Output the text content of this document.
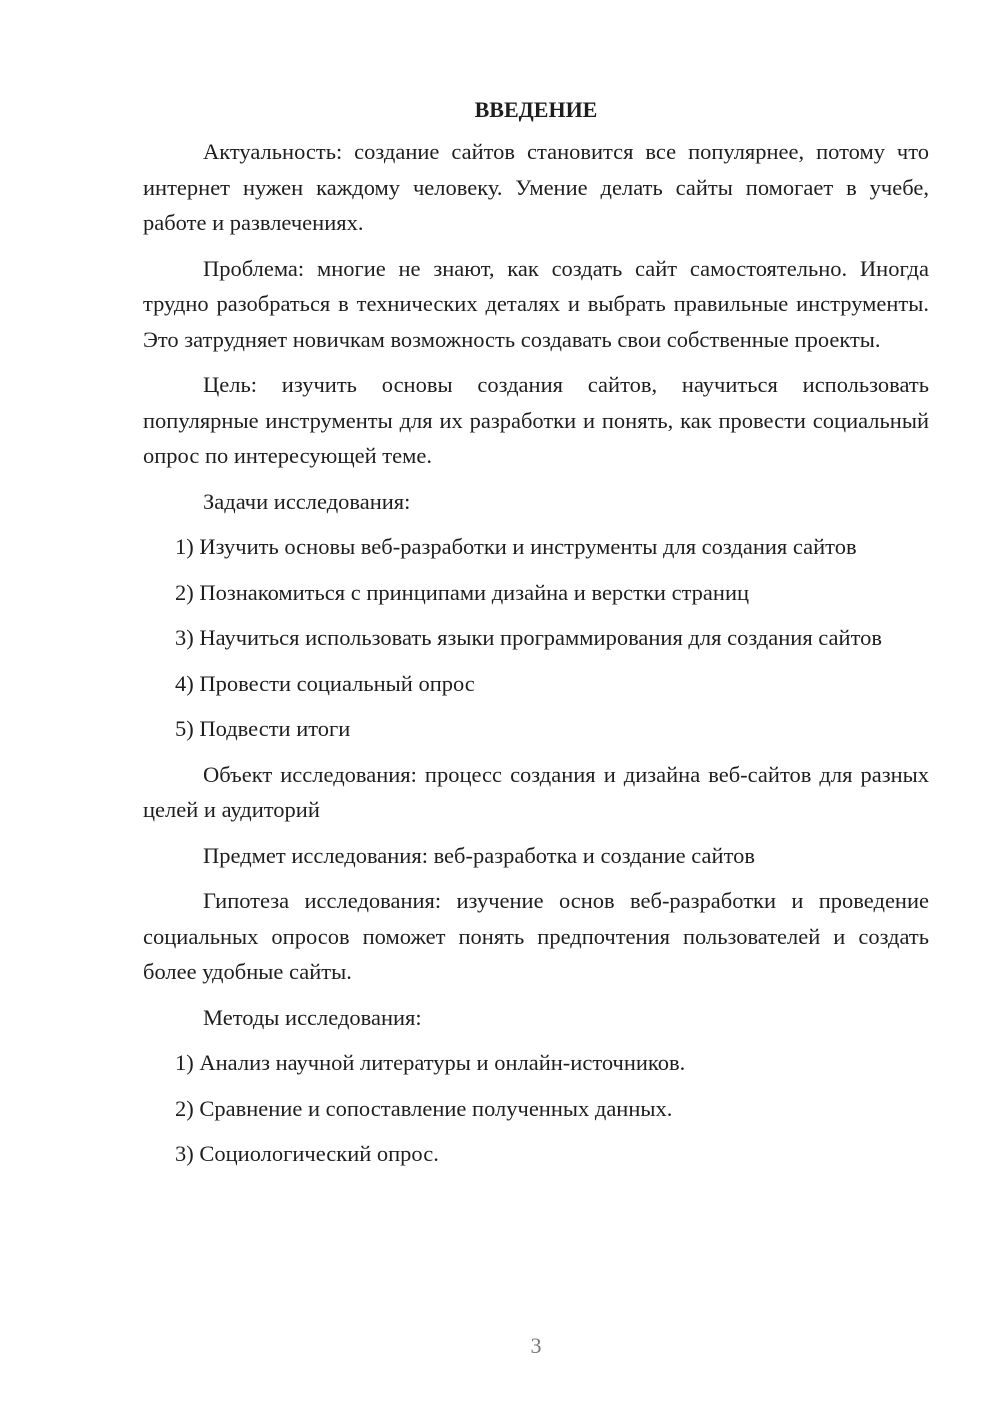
ВВЕДЕНИЕ

Актуальность: создание сайтов становится все популярнее, потому что интернет нужен каждому человеку. Умение делать сайты помогает в учебе, работе и развлечениях.

Проблема: многие не знают, как создать сайт самостоятельно. Иногда трудно разобраться в технических деталях и выбрать правильные инструменты. Это затрудняет новичкам возможность создавать свои собственные проекты.

Цель: изучить основы создания сайтов, научиться использовать популярные инструменты для их разработки и понять, как провести социальный опрос по интересующей теме.

Задачи исследования:

1) Изучить основы веб-разработки и инструменты для создания сайтов

2) Познакомиться с принципами дизайна и верстки страниц

3) Научиться использовать языки программирования для создания сайтов

4) Провести социальный опрос

5) Подвести итоги

Объект исследования: процесс создания и дизайна веб-сайтов для разных целей и аудиторий

Предмет исследования: веб-разработка и создание сайтов

Гипотеза исследования: изучение основ веб-разработки и проведение социальных опросов поможет понять предпочтения пользователей и создать более удобные сайты.

Методы исследования:

1) Анализ научной литературы и онлайн-источников.

2) Сравнение и сопоставление полученных данных.

3) Социологический опрос.

3
